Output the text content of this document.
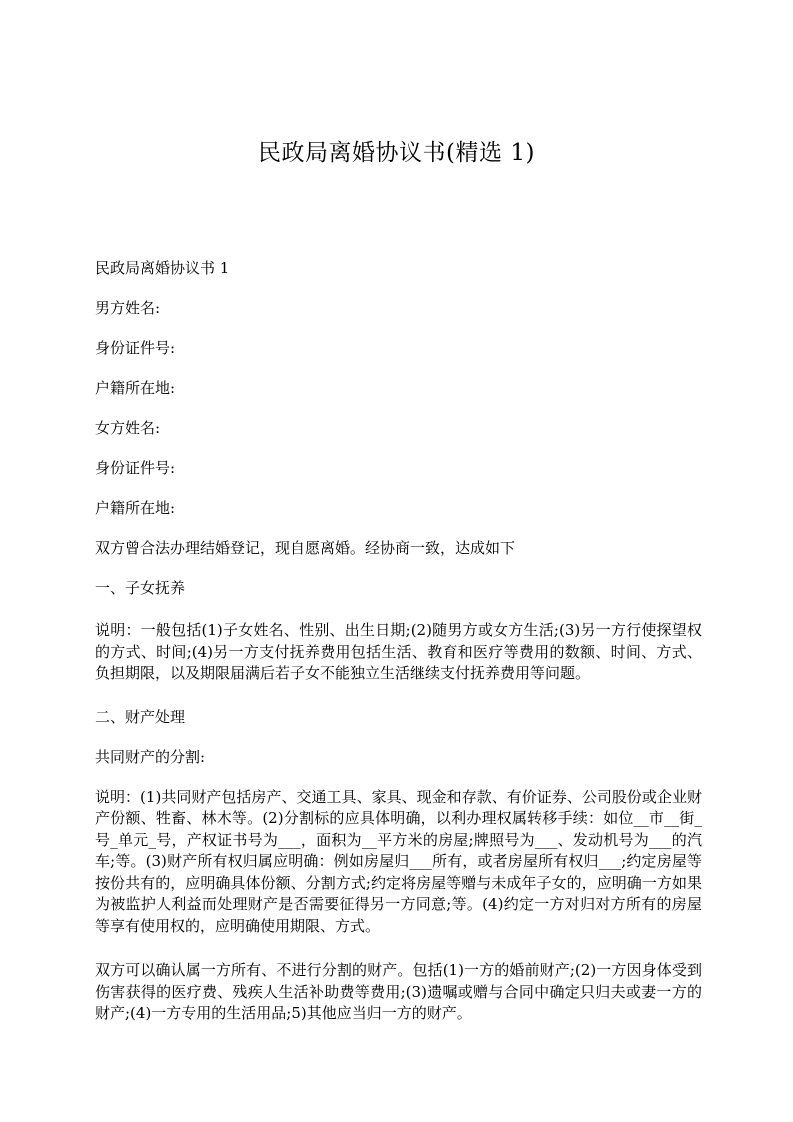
民政局离婚协议书(精选 1)

民政局离婚协议书 1

男方姓名:

身份证件号:

户籍所在地:

女方姓名:

身份证件号:

户籍所在地:

双方曾合法办理结婚登记，现自愿离婚。经协商一致，达成如下

一、子女抚养

说明：一般包括(1)子女姓名、性别、出生日期;(2)随男方或女方生活;(3)另一方行使探望权的方式、时间;(4)另一方支付抚养费用包括生活、教育和医疗等费用的数额、时间、方式、负担期限，以及期限届满后若子女不能独立生活继续支付抚养费用等问题。

二、财产处理

共同财产的分割:

说明：(1)共同财产包括房产、交通工具、家具、现金和存款、有价证券、公司股份或企业财产份额、牲畜、林木等。(2)分割标的应具体明确，以利办理权属转移手续：如位__市__街_号_单元_号，产权证书号为___，面积为__平方米的房屋;牌照号为___、发动机号为___的汽车;等。(3)财产所有权归属应明确：例如房屋归___所有，或者房屋所有权归___;约定房屋等按份共有的，应明确具体份额、分割方式;约定将房屋等赠与未成年子女的，应明确一方如果为被监护人利益而处理财产是否需要征得另一方同意;等。(4)约定一方对归对方所有的房屋等享有使用权的，应明确使用期限、方式。

双方可以确认属一方所有、不进行分割的财产。包括(1)一方的婚前财产;(2)一方因身体受到伤害获得的医疗费、残疾人生活补助费等费用;(3)遗嘱或赠与合同中确定只归夫或妻一方的财产;(4)一方专用的生活用品;5)其他应当归一方的财产。
